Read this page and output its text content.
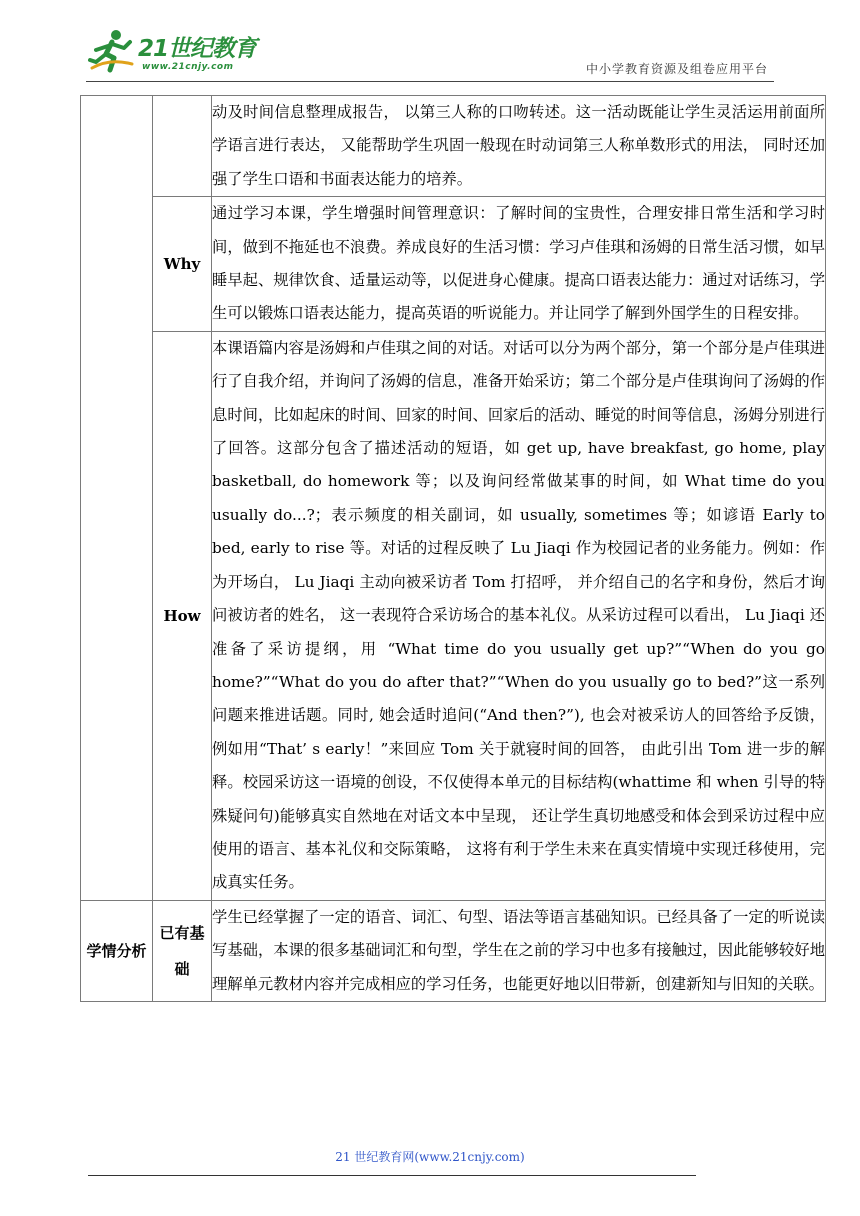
21世纪教育
www.21cnjy.com	中小学教育资源及组卷应用平台

		动及时间信息整理成报告， 以第三人称的口吻转述。这一活动既能让学生灵活运用前面所学语言进行表达， 又能帮助学生巩固一般现在时动词第三人称单数形式的用法， 同时还加强了学生口语和书面表达能力的培养。

	Why	通过学习本课，学生增强时间管理意识：了解时间的宝贵性，合理安排日常生活和学习时间，做到不拖延也不浪费。养成良好的生活习惯：学习卢佳琪和汤姆的日常生活习惯，如早睡早起、规律饮食、适量运动等，以促进身心健康。提高口语表达能力：通过对话练习，学生可以锻炼口语表达能力，提高英语的听说能力。并让同学了解到外国学生的日程安排。

	How	本课语篇内容是汤姆和卢佳琪之间的对话。对话可以分为两个部分，第一个部分是卢佳琪进行了自我介绍，并询问了汤姆的信息，准备开始采访；第二个部分是卢佳琪询问了汤姆的作息时间，比如起床的时间、回家的时间、回家后的活动、睡觉的时间等信息，汤姆分别进行了回答。这部分包含了描述活动的短语，如 get up, have breakfast, go home, play basketball, do homework 等；以及询问经常做某事的时间，如 What time do you usually do...?；表示频度的相关副词，如 usually, sometimes 等；如谚语 Early to bed, early to rise 等。对话的过程反映了 Lu Jiaqi 作为校园记者的业务能力。例如：作为开场白， Lu Jiaqi 主动向被采访者 Tom 打招呼， 并介绍自己的名字和身份，然后才询问被访者的姓名， 这一表现符合采访场合的基本礼仪。从采访过程可以看出， Lu Jiaqi 还准备了采访提纲，用 “What time do you usually get up?”“When do you go home?”“What do you do after that?”“When do you usually go to bed?”这一系列问题来推进话题。同时, 她会适时追问(“And then?”), 也会对被采访人的回答给予反馈，例如用“That’ s early！”来回应 Tom 关于就寝时间的回答， 由此引出 Tom 进一步的解释。校园采访这一语境的创设，不仅使得本单元的目标结构(whattime 和 when 引导的特殊疑问句)能够真实自然地在对话文本中呈现， 还让学生真切地感受和体会到采访过程中应使用的语言、基本礼仪和交际策略， 这将有利于学生未来在真实情境中实现迁移使用，完成真实任务。

学情分析	已有基础	学生已经掌握了一定的语音、词汇、句型、语法等语言基础知识。已经具备了一定的听说读写基础，本课的很多基础词汇和句型，学生在之前的学习中也多有接触过，因此能够较好地理解单元教材内容并完成相应的学习任务，也能更好地以旧带新，创建新知与旧知的关联。
21 世纪教育网(www.21cnjy.com)
